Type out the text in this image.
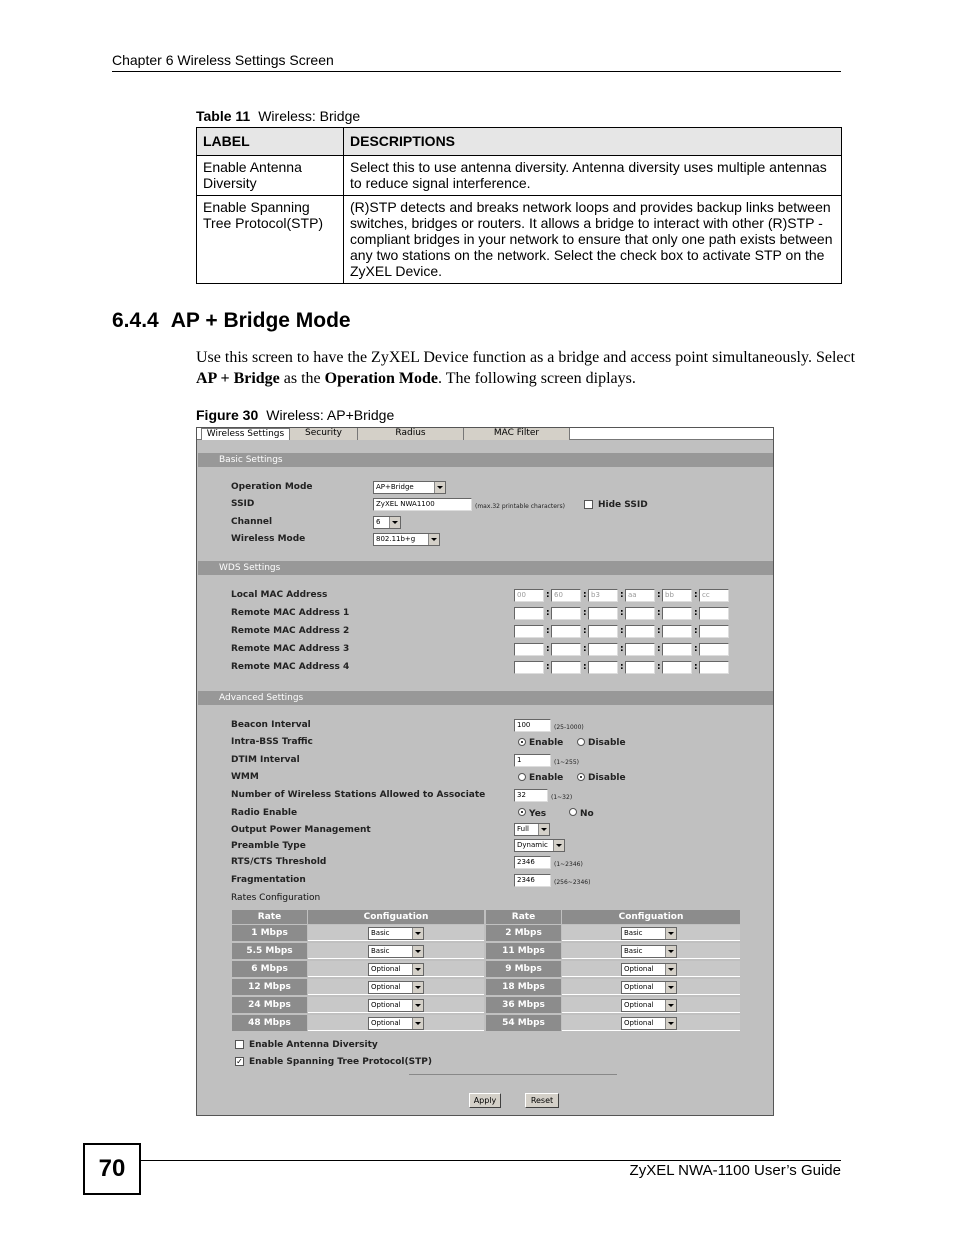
Chapter 6 Wireless Settings Screen
Table 11 Wireless: Bridge
LABEL	DESCRIPTIONS
Enable Antenna Diversity	Select this to use antenna diversity. Antenna diversity uses multiple antennas to reduce signal interference.
Enable Spanning Tree Protocol(STP)	(R)STP detects and breaks network loops and provides backup links between switches, bridges or routers. It allows a bridge to interact with other (R)STP - compliant bridges in your network to ensure that only one path exists between any two stations on the network. Select the check box to activate STP on the ZyXEL Device.
6.4.4 AP + Bridge Mode
Use this screen to have the ZyXEL Device function as a bridge and access point simultaneously. Select AP + Bridge as the Operation Mode. The following screen diplays.
Figure 30 Wireless: AP+Bridge
Wireless Settings	Security	Radius	MAC Filter
Basic Settings
Operation Mode	AP+Bridge
SSID	ZyXEL NWA1100	(max.32 printable characters)	Hide SSID
Channel	6
Wireless Mode	802.11b+g
WDS Settings
Local MAC Address	00	: 60	: b3	: aa	: bb	: cc
Remote MAC Address 1	:	:	:	:	:
Remote MAC Address 2	:	:	:	:	:
Remote MAC Address 3	:	:	:	:	:
Remote MAC Address 4	:	:	:	:	:
Advanced Settings
Beacon Interval	100	(25-1000)
Intra-BSS Traffic	Enable	Disable
DTIM Interval	1	(1~255)
WMM	Enable	Disable
Number of Wireless Stations Allowed to Associate	32	(1~32)
Radio Enable	Yes	No
Output Power Management	Full
Preamble Type	Dynamic
RTS/CTS Threshold	2346	(1~2346)
Fragmentation	2346	(256~2346)
Rates Configuration
Rate	Configuation	Rate	Configuation
1 Mbps	Basic	2 Mbps	Basic
5.5 Mbps	Basic	11 Mbps	Basic
6 Mbps	Optional	9 Mbps	Optional
12 Mbps	Optional	18 Mbps	Optional
24 Mbps	Optional	36 Mbps	Optional
48 Mbps	Optional	54 Mbps	Optional
Enable Antenna Diversity
✓ Enable Spanning Tree Protocol(STP)
Apply	Reset
70	ZyXEL NWA-1100 User’s Guide
